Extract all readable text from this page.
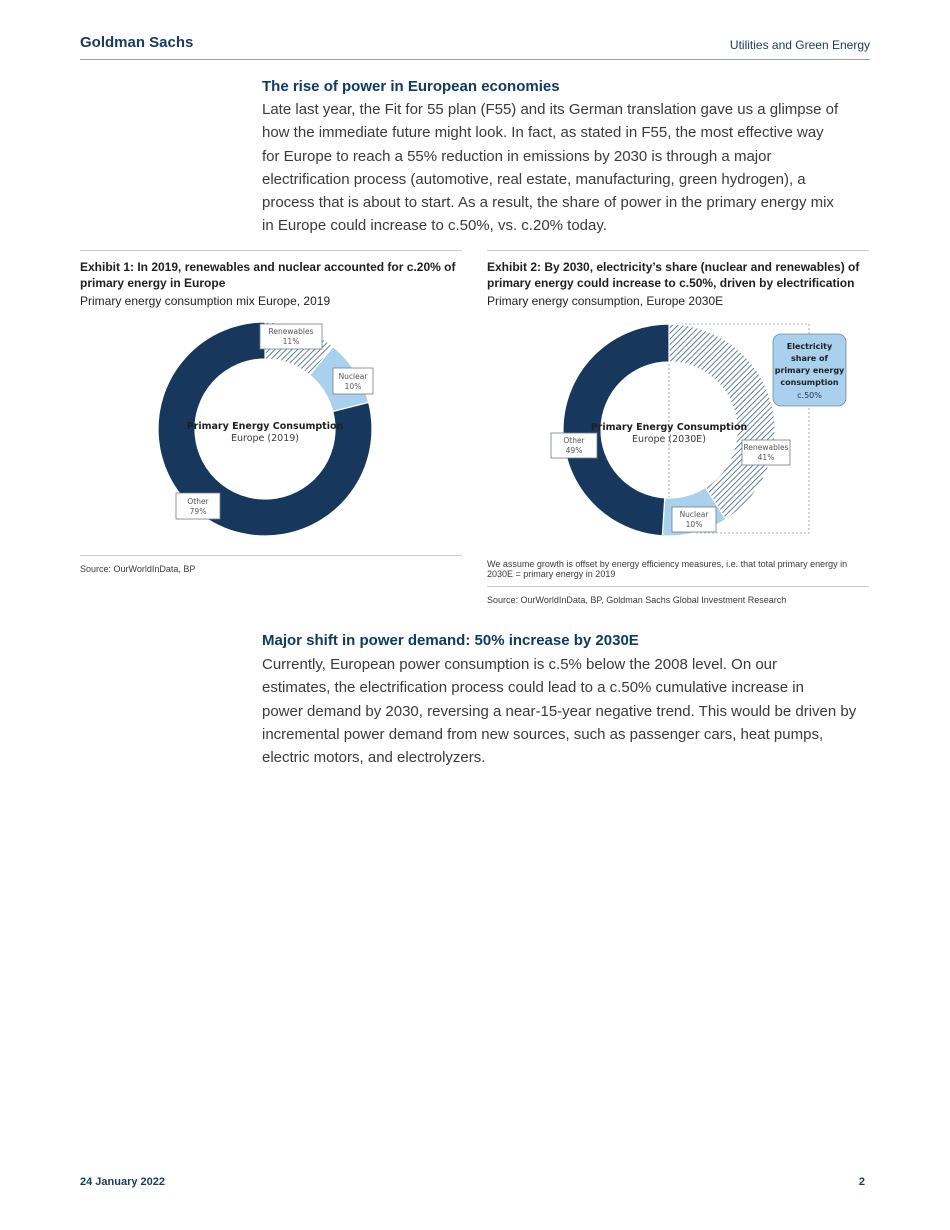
Goldman Sachs	Utilities and Green Energy
The rise of power in European economies
Late last year, the Fit for 55 plan (F55) and its German translation gave us a glimpse of
how the immediate future might look. In fact, as stated in F55, the most effective way
for Europe to reach a 55% reduction in emissions by 2030 is through a major
electrification process (automotive, real estate, manufacturing, green hydrogen), a
process that is about to start. As a result, the share of power in the primary energy mix
in Europe could increase to c.50%, vs. c.20% today.
Exhibit 1: In 2019, renewables and nuclear accounted for c.20% of
primary energy in Europe
Primary energy consumption mix Europe, 2019
Primary Energy Consumption
Europe (2019)
Renewables
11%
Nuclear
10%
Other
79%
Source: OurWorldInData, BP
Exhibit 2: By 2030, electricity’s share (nuclear and renewables) of
primary energy could increase to c.50%, driven by electrification
Primary energy consumption, Europe 2030E
Primary Energy Consumption
Europe (2030E)
Other
49%	Renewables
41%
Nuclear
10%
Electricity
share of
primary energy
consumption
c.50%
We assume growth is offset by energy efficiency measures, i.e. that total primary energy in
2030E = primary energy in 2019
Source: OurWorldInData, BP, Goldman Sachs Global Investment Research
Major shift in power demand: 50% increase by 2030E
Currently, European power consumption is c.5% below the 2008 level. On our
estimates, the electrification process could lead to a c.50% cumulative increase in
power demand by 2030, reversing a near-15-year negative trend. This would be driven by
incremental power demand from new sources, such as passenger cars, heat pumps,
electric motors, and electrolyzers.
24 January 2022	2
